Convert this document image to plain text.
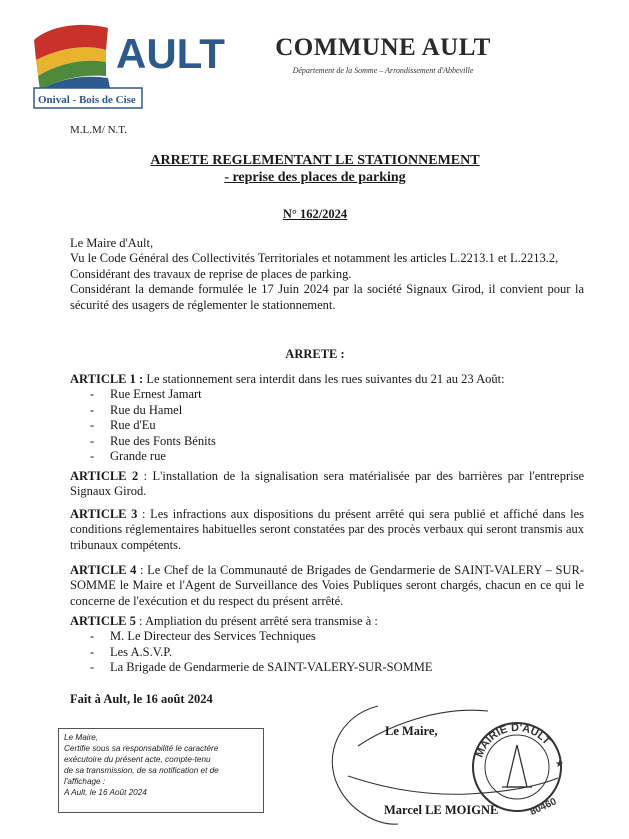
AULT
Onival - Bois de Cise
COMMUNE AULT
Département de la Somme – Arrondissement d'Abbeville
M.L.M/ N.T.
ARRETE REGLEMENTANT LE STATIONNEMENT
- reprise des places de parking
N° 162/2024

Le Maire d'Ault,

Vu le Code Général des Collectivités Territoriales et notamment les articles L.2213.1 et L.2213.2,

Considérant des travaux de reprise de places de parking.

Considérant la demande formulée le 17 Juin 2024 par la société Signaux Girod, il convient pour la sécurité des usagers de réglementer le stationnement.

ARRETE :
ARTICLE 1 : Le stationnement sera interdit dans les rues suivantes du 21 au 23 Août:
- Rue Ernest Jamart
- Rue du Hamel
- Rue d'Eu
- Rue des Fonts Bénits
- Grande rue
ARTICLE 2 : L'installation de la signalisation sera matérialisée par des barrières par l'entreprise Signaux Girod.
ARTICLE 3 : Les infractions aux dispositions du présent arrêté qui sera publié et affiché dans les conditions réglementaires habituelles seront constatées par des procès verbaux qui seront transmis aux tribunaux compétents.
ARTICLE 4 : Le Chef de la Communauté de Brigades de Gendarmerie de SAINT-VALERY – SUR-SOMME le Maire et l'Agent de Surveillance des Voies Publiques seront chargés, chacun en ce qui le concerne de l'exécution et du respect du présent arrêté.
ARTICLE 5 : Ampliation du présent arrêté sera transmise à :
- M. Le Directeur des Services Techniques
- Les A.S.V.P.
- La Brigade de Gendarmerie de SAINT-VALERY-SUR-SOMME
Fait à Ault, le 16 août 2024
Le Maire,
Certifie sous sa responsabilité le caractère
exécutoire du présent acte, compte-tenu
de sa transmission, de sa notification et de
l'affichage :
A Ault, le 16 Août 2024
Le Maire,
MAIRIE D'AULT
★
80460
Marcel LE MOIGNE
